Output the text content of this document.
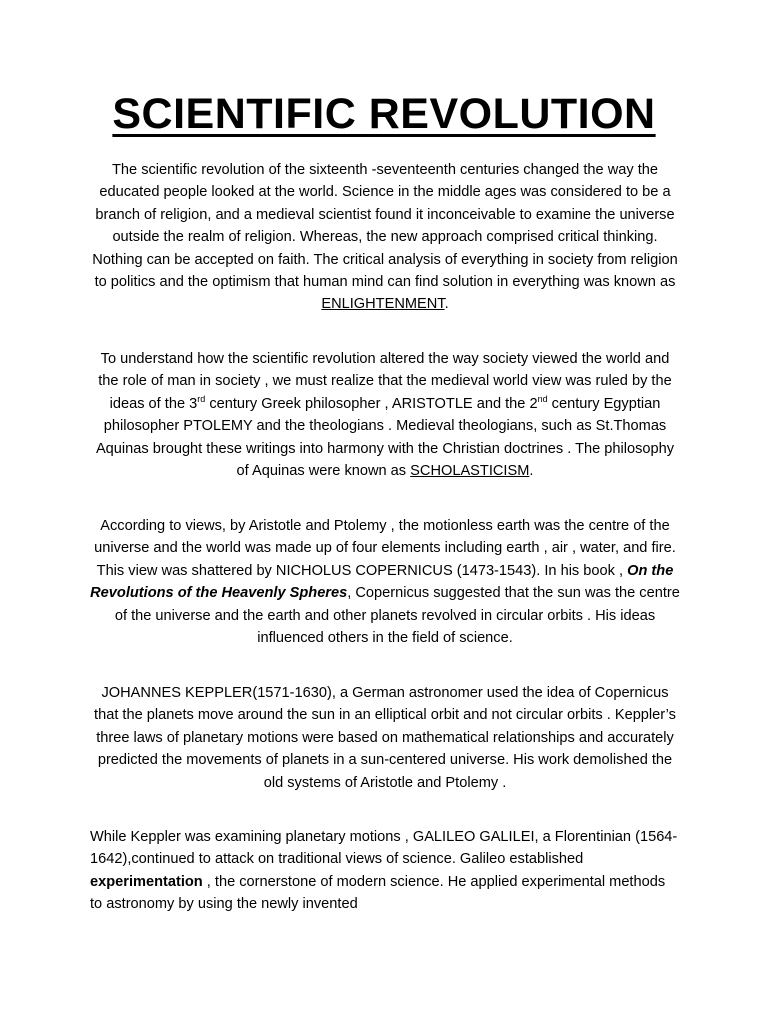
SCIENTIFIC REVOLUTION

The scientific revolution of the sixteenth -seventeenth centuries changed the way the educated people looked at the world. Science in the middle ages was considered to be a branch of religion, and a medieval scientist found it inconceivable to examine the universe outside the realm of religion. Whereas, the new approach comprised critical thinking. Nothing can be accepted on faith. The critical analysis of everything in society from religion to politics and the optimism that human mind can find solution in everything was known as ENLIGHTENMENT.

To understand how the scientific revolution altered the way society viewed the world and the role of man in society , we must realize that the medieval world view was ruled by the ideas of the 3rd century Greek philosopher , ARISTOTLE and the 2nd century Egyptian philosopher PTOLEMY and the theologians . Medieval theologians, such as St.Thomas Aquinas brought these writings into harmony with the Christian doctrines . The philosophy of Aquinas were known as SCHOLASTICISM.

According to views, by Aristotle and Ptolemy , the motionless earth was the centre of the universe and the world was made up of four elements including earth , air , water, and fire. This view was shattered by NICHOLUS COPERNICUS (1473-1543). In his book , On the Revolutions of the Heavenly Spheres, Copernicus suggested that the sun was the centre of the universe and the earth and other planets revolved in circular orbits . His ideas influenced others in the field of science.

JOHANNES KEPPLER(1571-1630), a German astronomer used the idea of Copernicus that the planets move around the sun in an elliptical orbit and not circular orbits . Keppler’s three laws of planetary motions were based on mathematical relationships and accurately predicted the movements of planets in a sun-centered universe. His work demolished the old systems of Aristotle and Ptolemy .

While Keppler was examining planetary motions , GALILEO GALILEI, a Florentinian (1564-1642),continued to attack on traditional views of science. Galileo established experimentation , the cornerstone of modern science. He applied experimental methods to astronomy by using the newly invented
